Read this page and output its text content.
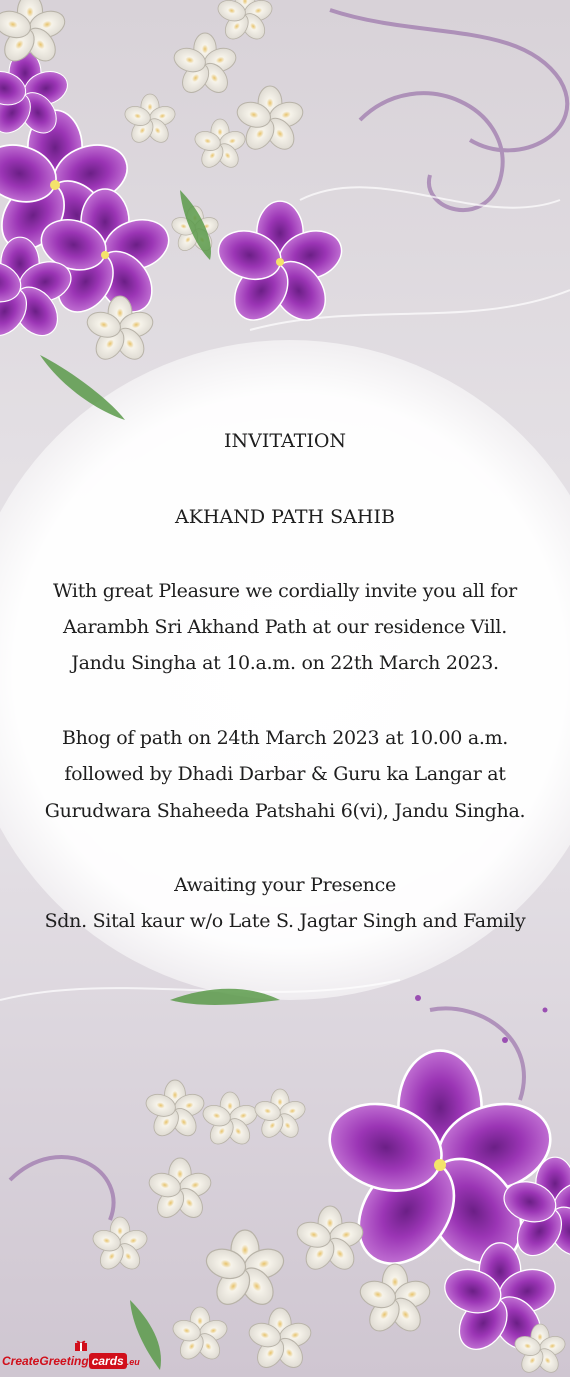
INVITATION
AKHAND PATH SAHIB
With great Pleasure we cordially invite you all for
Aarambh Sri Akhand Path at our residence Vill.
Jandu Singha at 10.a.m. on 22th March 2023.
Bhog of path on 24th March 2023 at 10.00 a.m.
followed by Dhadi Darbar & Guru ka Langar at
Gurudwara Shaheeda Patshahi 6(vi), Jandu Singha.
Awaiting your Presence
Sdn. Sital kaur w/o Late S. Jagtar Singh and Family
CreateGreeting cards .eu
